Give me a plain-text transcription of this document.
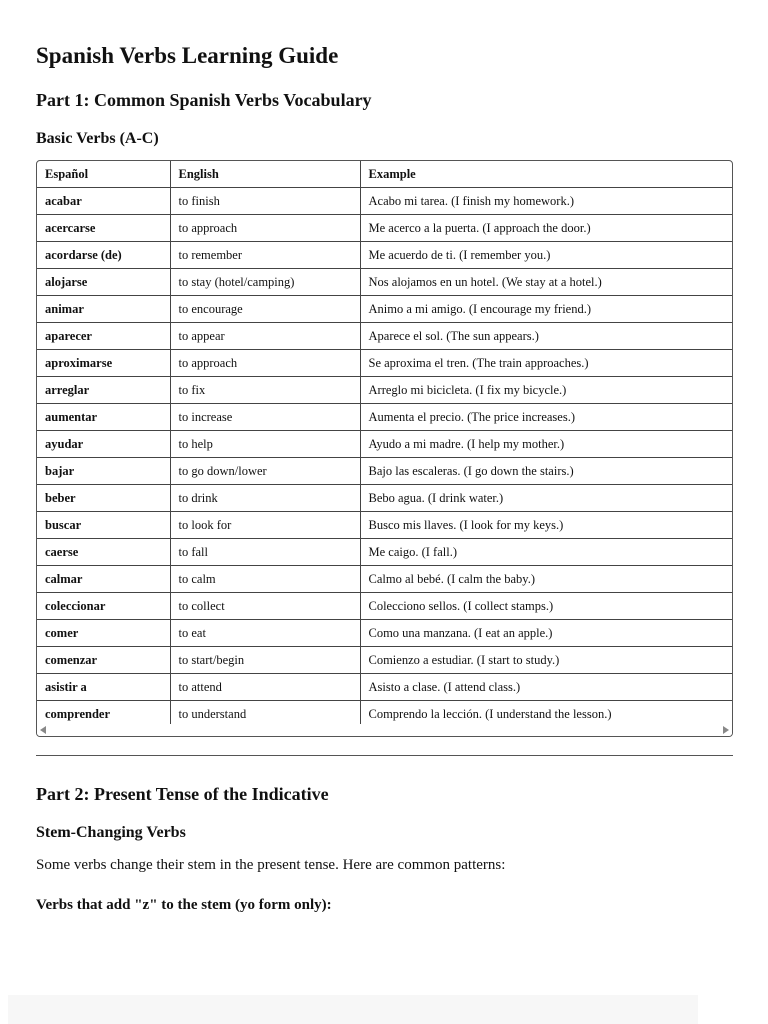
Spanish Verbs Learning Guide
Part 1: Common Spanish Verbs Vocabulary
Basic Verbs (A-C)
Español	English	Example
acabar	to finish	Acabo mi tarea. (I finish my homework.)
acercarse	to approach	Me acerco a la puerta. (I approach the door.)
acordarse (de)	to remember	Me acuerdo de ti. (I remember you.)
alojarse	to stay (hotel/camping)	Nos alojamos en un hotel. (We stay at a hotel.)
animar	to encourage	Animo a mi amigo. (I encourage my friend.)
aparecer	to appear	Aparece el sol. (The sun appears.)
aproximarse	to approach	Se aproxima el tren. (The train approaches.)
arreglar	to fix	Arreglo mi bicicleta. (I fix my bicycle.)
aumentar	to increase	Aumenta el precio. (The price increases.)
ayudar	to help	Ayudo a mi madre. (I help my mother.)
bajar	to go down/lower	Bajo las escaleras. (I go down the stairs.)
beber	to drink	Bebo agua. (I drink water.)
buscar	to look for	Busco mis llaves. (I look for my keys.)
caerse	to fall	Me caigo. (I fall.)
calmar	to calm	Calmo al bebé. (I calm the baby.)
coleccionar	to collect	Colecciono sellos. (I collect stamps.)
comer	to eat	Como una manzana. (I eat an apple.)
comenzar	to start/begin	Comienzo a estudiar. (I start to study.)
asistir a	to attend	Asisto a clase. (I attend class.)
comprender	to understand	Comprendo la lección. (I understand the lesson.)
Part 2: Present Tense of the Indicative
Stem-Changing Verbs

Some verbs change their stem in the present tense. Here are common patterns:

Verbs that add "z" to the stem (yo form only):
